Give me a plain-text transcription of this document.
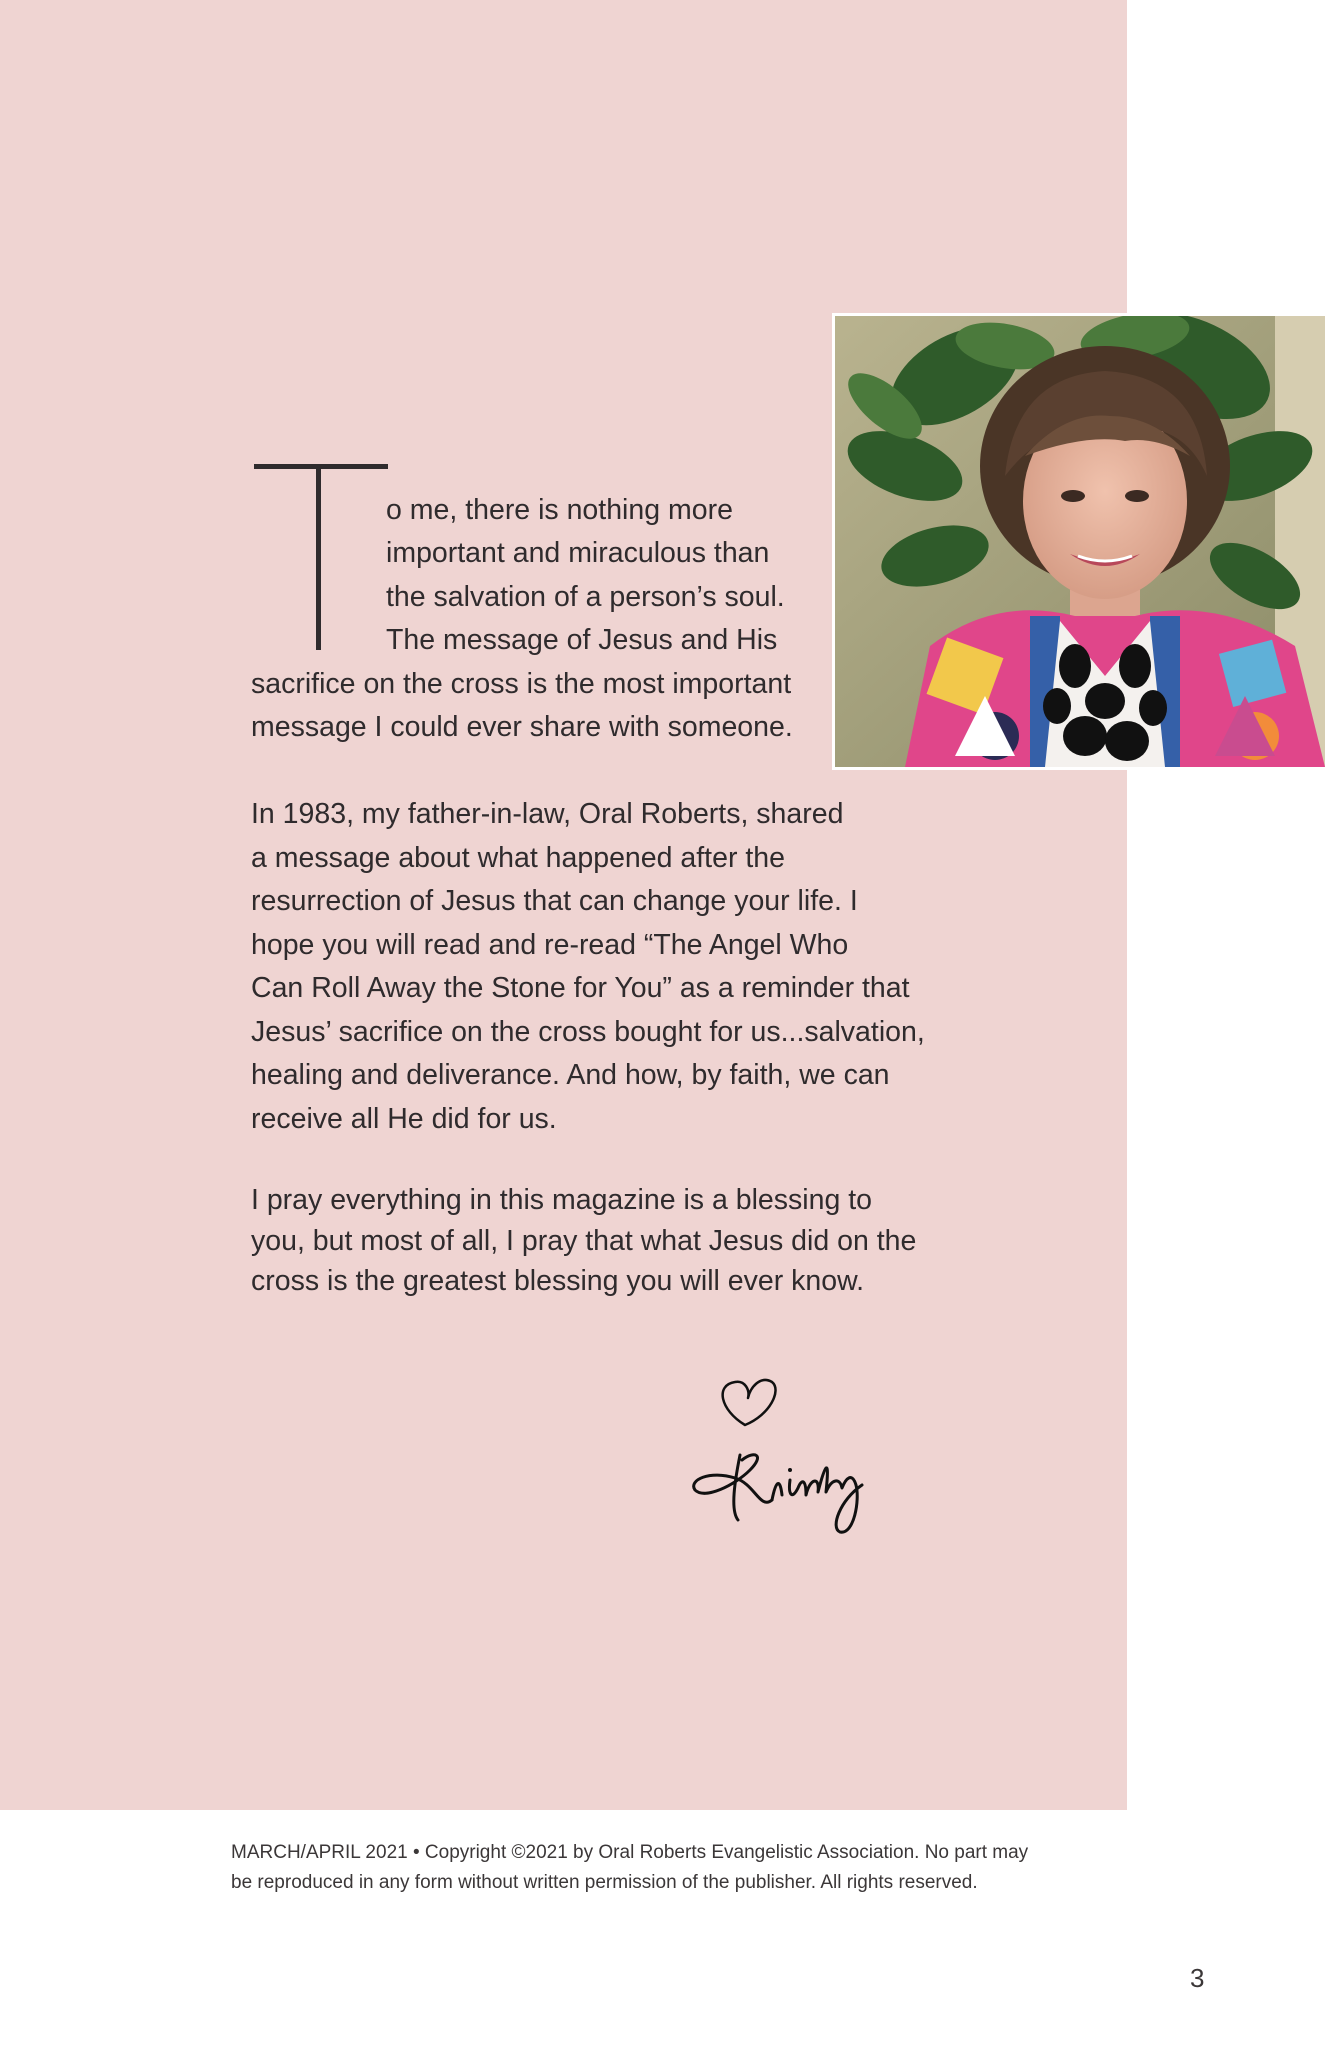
o me, there is nothing more

important and miraculous than

the salvation of a person’s soul.

The message of Jesus and His

sacrifice on the cross is the most important

message I could ever share with someone.

In 1983, my father-in-law, Oral Roberts, shared
a message about what happened after the
resurrection of Jesus that can change your life. I
hope you will read and re-read “The Angel Who
Can Roll Away the Stone for You” as a reminder that
Jesus’ sacrifice on the cross bought for us...salvation,
healing and deliverance. And how, by faith, we can
receive all He did for us.
I pray everything in this magazine is a blessing to
you, but most of all, I pray that what Jesus did on the
cross is the greatest blessing you will ever know.
MARCH/APRIL 2021 • Copyright ©2021 by Oral Roberts Evangelistic Association. No part may
be reproduced in any form without written permission of the publisher. All rights reserved.
3
